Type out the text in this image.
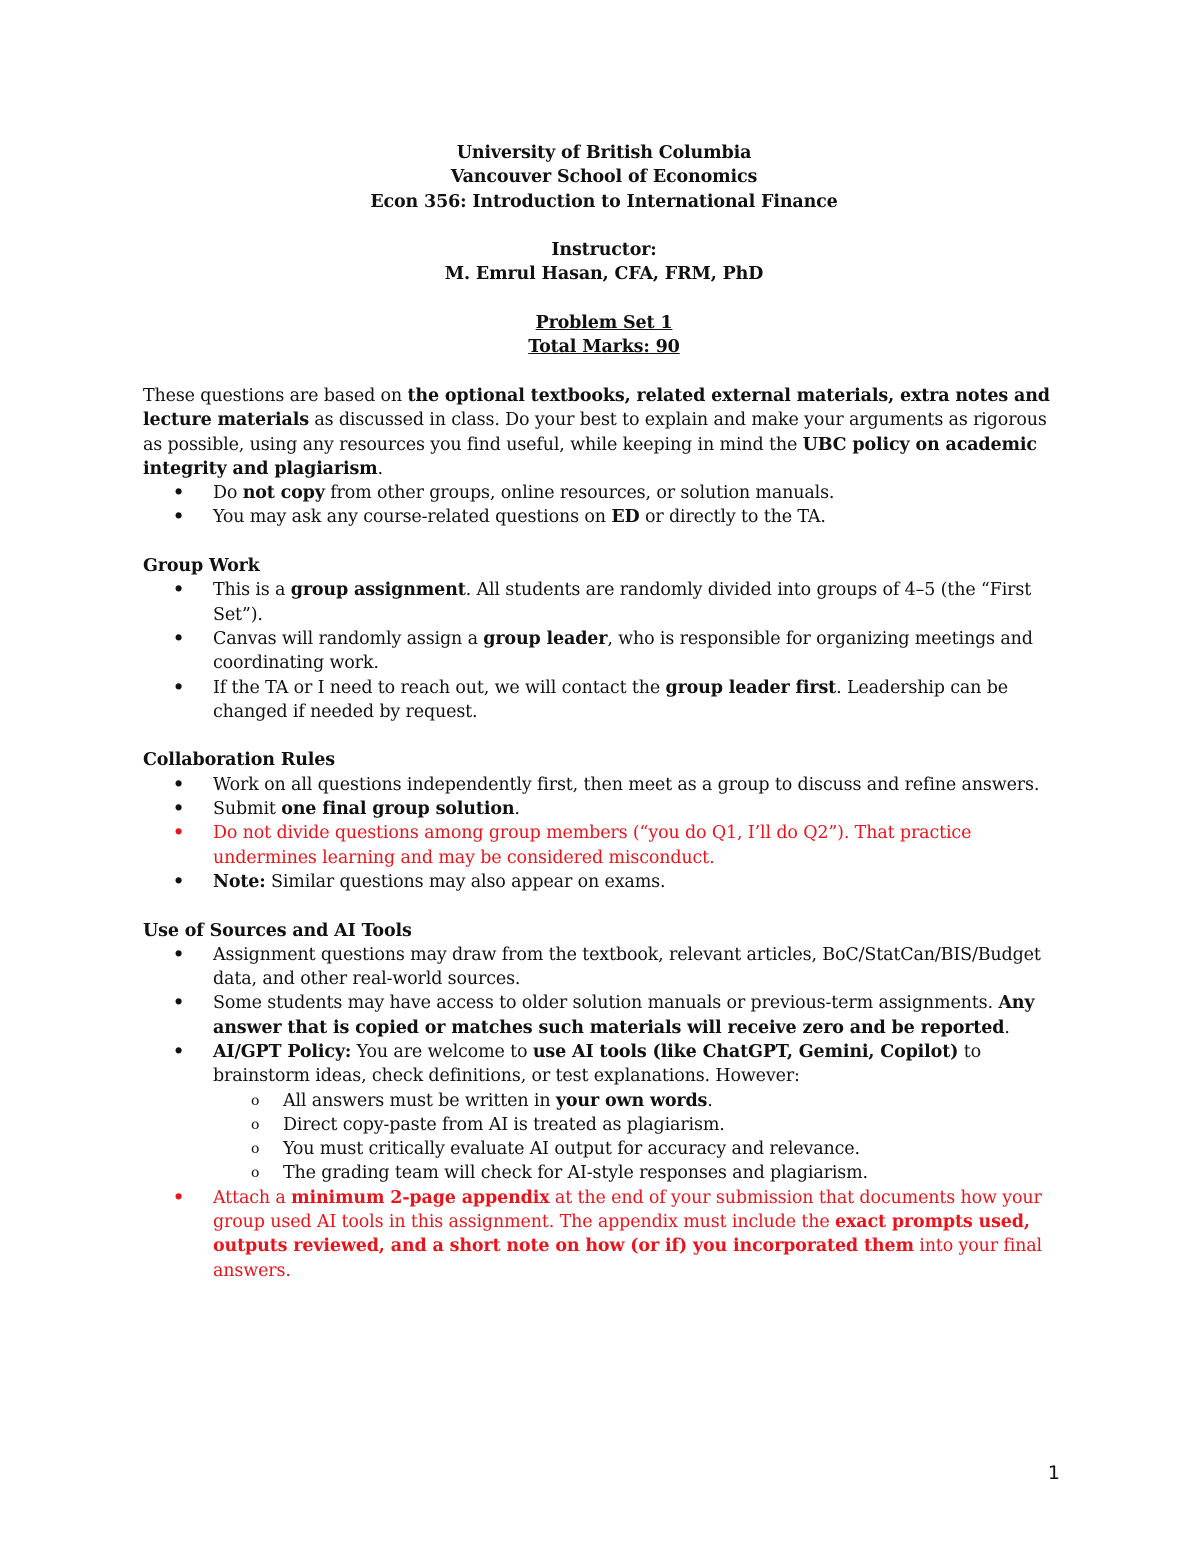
University of British Columbia
Vancouver School of Economics
Econ 356: Introduction to International Finance
Instructor:
M. Emrul Hasan, CFA, FRM, PhD
Problem Set 1
Total Marks: 90

These questions are based on the optional textbooks, related external materials, extra notes and lecture materials as discussed in class. Do your best to explain and make your arguments as rigorous as possible, using any resources you find useful, while keeping in mind the UBC policy on academic integrity and plagiarism.

• Do not copy from other groups, online resources, or solution manuals.
• You may ask any course-related questions on ED or directly to the TA.
Group Work
• This is a group assignment. All students are randomly divided into groups of 4–5 (the “First Set”).
• Canvas will randomly assign a group leader, who is responsible for organizing meetings and coordinating work.
• If the TA or I need to reach out, we will contact the group leader first. Leadership can be changed if needed by request.
Collaboration Rules
• Work on all questions independently first, then meet as a group to discuss and refine answers.
• Submit one final group solution.
• Do not divide questions among group members (“you do Q1, I’ll do Q2”). That practice undermines learning and may be considered misconduct.
• Note: Similar questions may also appear on exams.
Use of Sources and AI Tools
• Assignment questions may draw from the textbook, relevant articles, BoC/StatCan/BIS/Budget data, and other real-world sources.
• Some students may have access to older solution manuals or previous-term assignments. Any answer that is copied or matches such materials will receive zero and be reported.
• AI/GPT Policy: You are welcome to use AI tools (like ChatGPT, Gemini, Copilot) to brainstorm ideas, check definitions, or test explanations. However:
o All answers must be written in your own words.
o Direct copy-paste from AI is treated as plagiarism.
o You must critically evaluate AI output for accuracy and relevance.
o The grading team will check for AI-style responses and plagiarism.
• Attach a minimum 2-page appendix at the end of your submission that documents how your group used AI tools in this assignment. The appendix must include the exact prompts used, outputs reviewed, and a short note on how (or if) you incorporated them into your final answers.
1
